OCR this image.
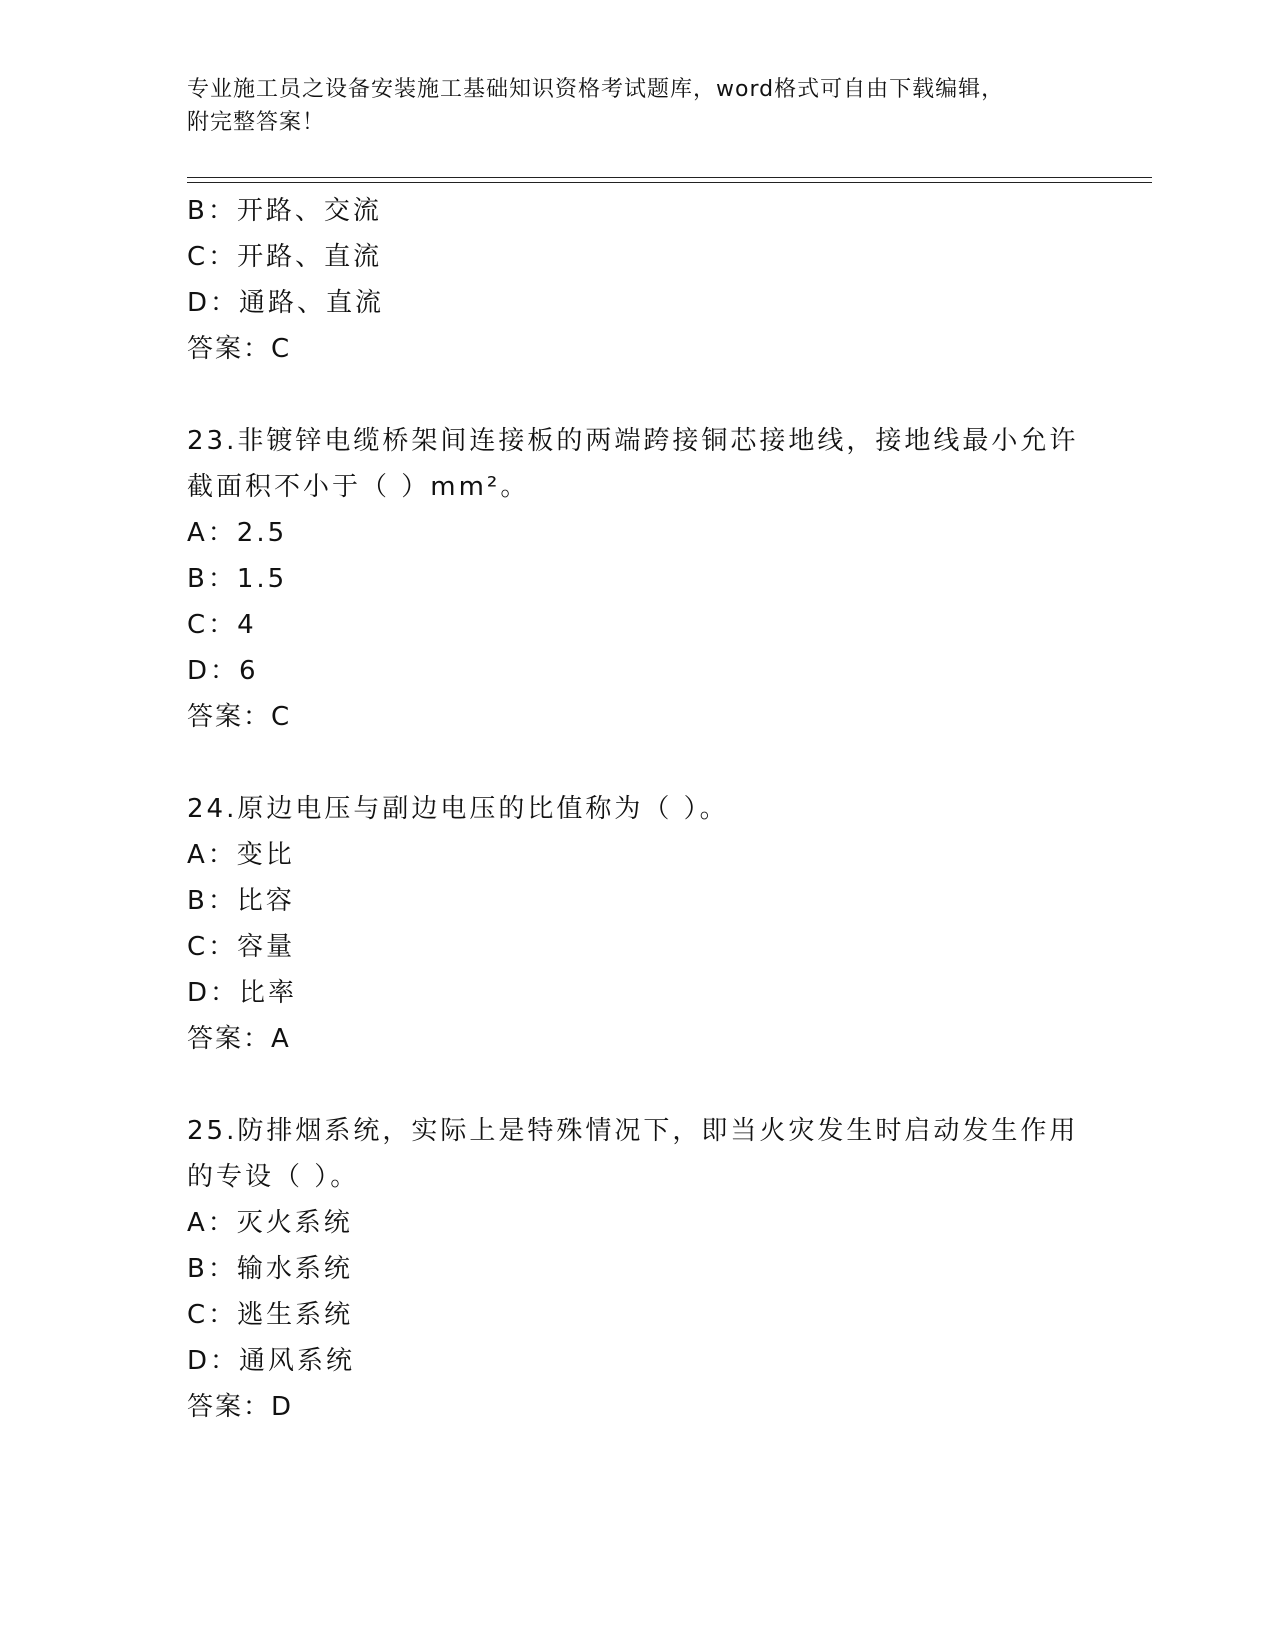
专业施工员之设备安装施工基础知识资格考试题库，word格式可自由下载编辑，
附完整答案！
B：开路、交流
C：开路、直流
D：通路、直流
答案：C
23.非镀锌电缆桥架间连接板的两端跨接铜芯接地线，接地线最小允许
截面积不小于（ ）mm²。
A：2.5
B：1.5
C：4
D：6
答案：C
24.原边电压与副边电压的比值称为（ ）。
A：变比
B：比容
C：容量
D：比率
答案：A
25.防排烟系统，实际上是特殊情况下，即当火灾发生时启动发生作用
的专设（ ）。
A：灭火系统
B：输水系统
C：逃生系统
D：通风系统
答案：D
